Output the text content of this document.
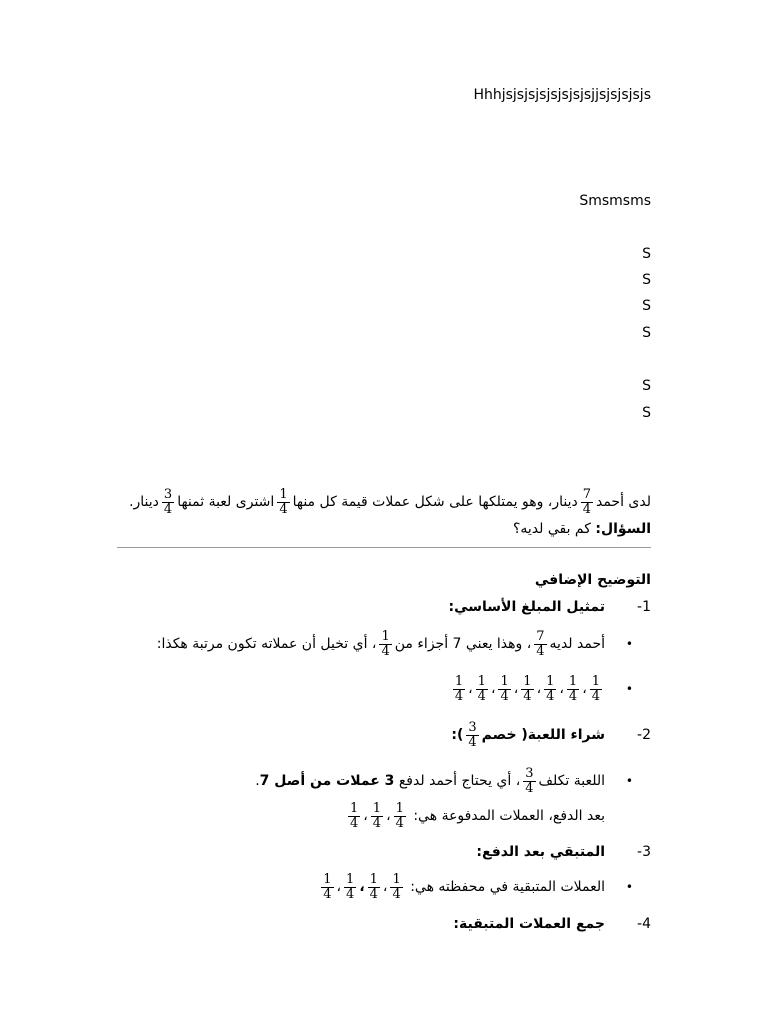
Hhhjsjsjsjsjsjsjsjsjjsjsjsjsjs
Smsmsms
S
S
S
S
S
S
لدى أحمد
$\frac{7}{4}$
دينار، وهو يمتلكها على شكل عملات قيمة كل منها
$\frac{1}{4}$
اشترى لعبة ثمنها
$\frac{3}{4}$
دينار.
السؤال: كم بقي لديه؟
التوضيح الإضافي
-1
تمثيل المبلغ الأساسي:
•
أحمد لديه
$\frac{7}{4}$
، وهذا يعني 7 أجزاء من
$\frac{1}{4}$
، أي تخيل أن عملاته تكون مرتبة هكذا:
•
$\frac{1}{4}$
،
$\frac{1}{4}$
،
$\frac{1}{4}$
،
$\frac{1}{4}$
،
$\frac{1}{4}$
،
$\frac{1}{4}$
،
$\frac{1}{4}$
-2
شراء اللعبة( خصم
$\frac{3}{4}$
):
•
اللعبة تكلف
$\frac{3}{4}$
، أي يحتاج أحمد لدفع

3 عملات من أصل 7
.
بعد الدفع، العملات المدفوعة هي:

$\frac{1}{4}$
،
$\frac{1}{4}$
،
$\frac{1}{4}$
-3
المتبقي بعد الدفع:
•
العملات المتبقية في محفظته هي:

$\frac{1}{4}$
،
$\frac{1}{4}$
،
$\frac{1}{4}$
،
$\frac{1}{4}$
-4
جمع العملات المتبقية:
